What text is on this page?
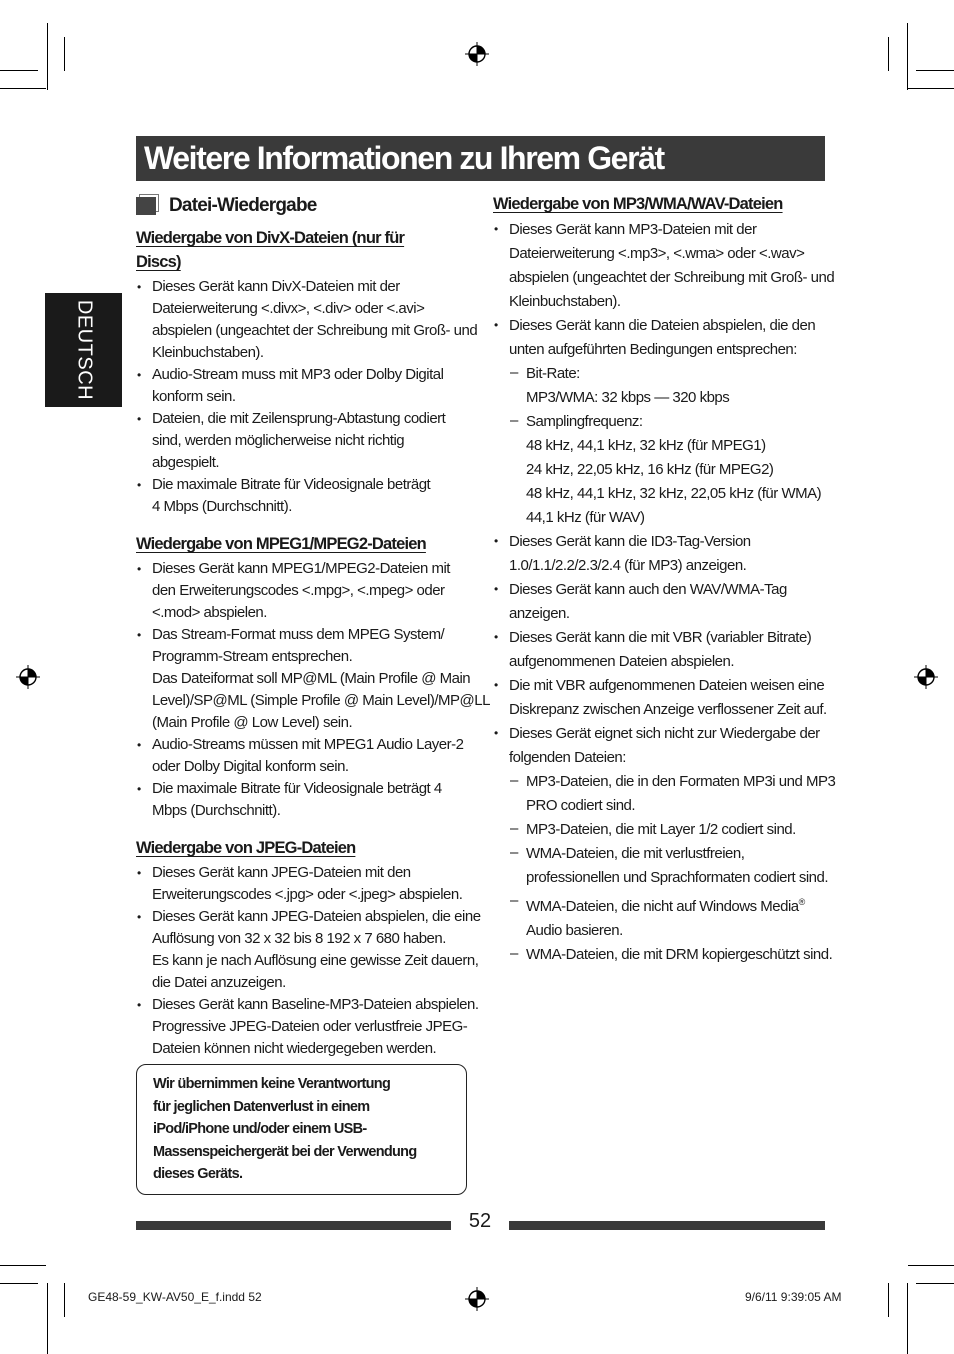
Weitere Informationen zu Ihrem Gerät
DEUTSCH
Datei-Wiedergabe
Wiedergabe von DivX-Dateien (nur für
Discs)
• Dieses Gerät kann DivX-Dateien mit der
Dateierweiterung <.divx>, <.div> oder <.avi>
abspielen (ungeachtet der Schreibung mit Groß- und
Kleinbuchstaben).
• Audio-Stream muss mit MP3 oder Dolby Digital
konform sein.
• Dateien, die mit Zeilensprung-Abtastung codiert
sind, werden möglicherweise nicht richtig
abgespielt.
• Die maximale Bitrate für Videosignale beträgt
4 Mbps (Durchschnitt).
Wiedergabe von MPEG1/MPEG2-Dateien
• Dieses Gerät kann MPEG1/MPEG2-Dateien mit
den Erweiterungscodes <.mpg>, <.mpeg> oder
<.mod> abspielen.
• Das Stream-Format muss dem MPEG System/
Programm-Stream entsprechen.
Das Dateiformat soll MP@ML (Main Profile @ Main
Level)/SP@ML (Simple Profile @ Main Level)/MP@LL
(Main Profile @ Low Level) sein.
• Audio-Streams müssen mit MPEG1 Audio Layer-2
oder Dolby Digital konform sein.
• Die maximale Bitrate für Videosignale beträgt 4
Mbps (Durchschnitt).
Wiedergabe von JPEG-Dateien
• Dieses Gerät kann JPEG-Dateien mit den
Erweiterungscodes <.jpg> oder <.jpeg> abspielen.
• Dieses Gerät kann JPEG-Dateien abspielen, die eine
Auflösung von 32 x 32 bis 8 192 x 7 680 haben.
Es kann je nach Auflösung eine gewisse Zeit dauern,
die Datei anzuzeigen.
• Dieses Gerät kann Baseline-MP3-Dateien abspielen.
Progressive JPEG-Dateien oder verlustfreie JPEG-
Dateien können nicht wiedergegeben werden.
Wir übernimmen keine Verantwortung
für jeglichen Datenverlust in einem
iPod/iPhone und/oder einem USB-
Massenspeichergerät bei der Verwendung
dieses Geräts.
Wiedergabe von MP3/WMA/WAV-Dateien
• Dieses Gerät kann MP3-Dateien mit der
Dateierweiterung <.mp3>, <.wma> oder <.wav>
abspielen (ungeachtet der Schreibung mit Groß- und
Kleinbuchstaben).
• Dieses Gerät kann die Dateien abspielen, die den
unten aufgeführten Bedingungen entsprechen:
– Bit-Rate:
MP3/WMA: 32 kbps — 320 kbps
– Samplingfrequenz:
48 kHz, 44,1 kHz, 32 kHz (für MPEG1)
24 kHz, 22,05 kHz, 16 kHz (für MPEG2)
48 kHz, 44,1 kHz, 32 kHz, 22,05 kHz (für WMA)
44,1 kHz (für WAV)
• Dieses Gerät kann die ID3-Tag-Version
1.0/1.1/2.2/2.3/2.4 (für MP3) anzeigen.
• Dieses Gerät kann auch den WAV/WMA-Tag
anzeigen.
• Dieses Gerät kann die mit VBR (variabler Bitrate)
aufgenommenen Dateien abspielen.
• Die mit VBR aufgenommenen Dateien weisen eine
Diskrepanz zwischen Anzeige verflossener Zeit auf.
• Dieses Gerät eignet sich nicht zur Wiedergabe der
folgenden Dateien:
– MP3-Dateien, die in den Formaten MP3i und MP3
PRO codiert sind.
– MP3-Dateien, die mit Layer 1/2 codiert sind.
– WMA-Dateien, die mit verlustfreien,
professionellen und Sprachformaten codiert sind.
– WMA-Dateien, die nicht auf Windows Media®
Audio basieren.
– WMA-Dateien, die mit DRM kopiergeschützt sind.
52
GE48-59_KW-AV50_E_f.indd 52	9/6/11 9:39:05 AM
